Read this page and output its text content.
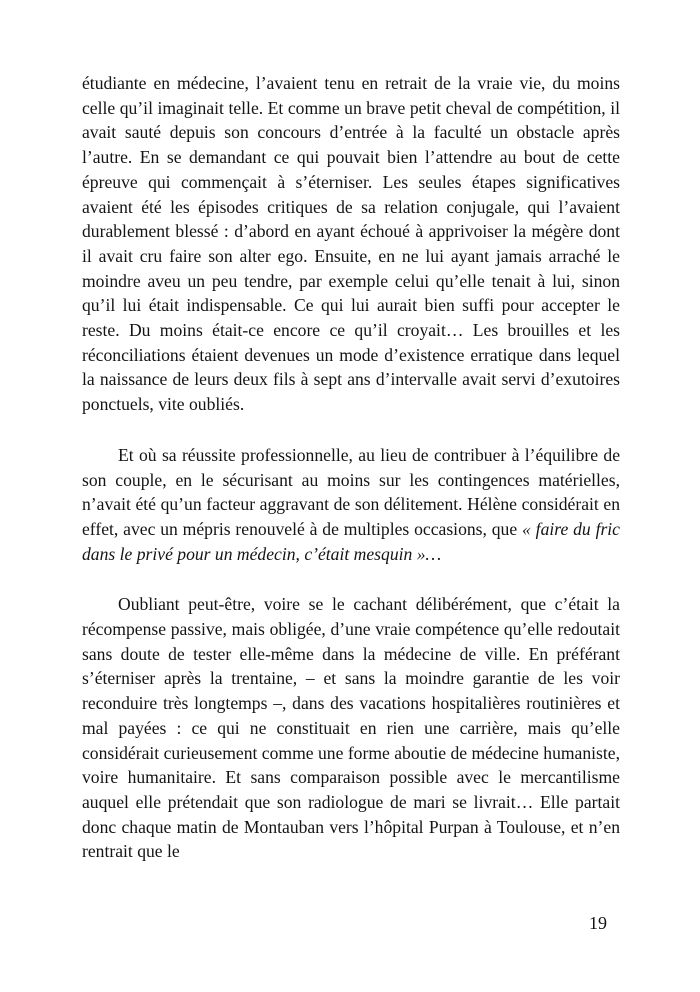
étudiante en médecine, l’avaient tenu en retrait de la vraie vie, du moins celle qu’il imaginait telle. Et comme un brave petit cheval de compétition, il avait sauté depuis son concours d’entrée à la faculté un obstacle après l’autre. En se demandant ce qui pouvait bien l’attendre au bout de cette épreuve qui commençait à s’éterniser. Les seules étapes significatives avaient été les épisodes critiques de sa relation conjugale, qui l’avaient durablement blessé : d’abord en ayant échoué à apprivoiser la mégère dont il avait cru faire son alter ego. Ensuite, en ne lui ayant jamais arraché le moindre aveu un peu tendre, par exemple celui qu’elle tenait à lui, sinon qu’il lui était indispensable. Ce qui lui aurait bien suffi pour accepter le reste. Du moins était-ce encore ce qu’il croyait… Les brouilles et les réconciliations étaient devenues un mode d’existence erratique dans lequel la naissance de leurs deux fils à sept ans d’intervalle avait servi d’exutoires ponctuels, vite oubliés.

Et où sa réussite professionnelle, au lieu de contribuer à l’équilibre de son couple, en le sécurisant au moins sur les contingences matérielles, n’avait été qu’un facteur aggravant de son délitement. Hélène considérait en effet, avec un mépris renouvelé à de multiples occasions, que « faire du fric dans le privé pour un médecin, c’était mesquin »…

Oubliant peut-être, voire se le cachant délibérément, que c’était la récompense passive, mais obligée, d’une vraie compétence qu’elle redoutait sans doute de tester elle-même dans la médecine de ville. En préférant s’éterniser après la trentaine, – et sans la moindre garantie de les voir reconduire très longtemps –, dans des vacations hospitalières routinières et mal payées : ce qui ne constituait en rien une carrière, mais qu’elle considérait curieusement comme une forme aboutie de médecine humaniste, voire humanitaire. Et sans comparaison possible avec le mercantilisme auquel elle prétendait que son radiologue de mari se livrait… Elle partait donc chaque matin de Montauban vers l’hôpital Purpan à Toulouse, et n’en rentrait que le

19
